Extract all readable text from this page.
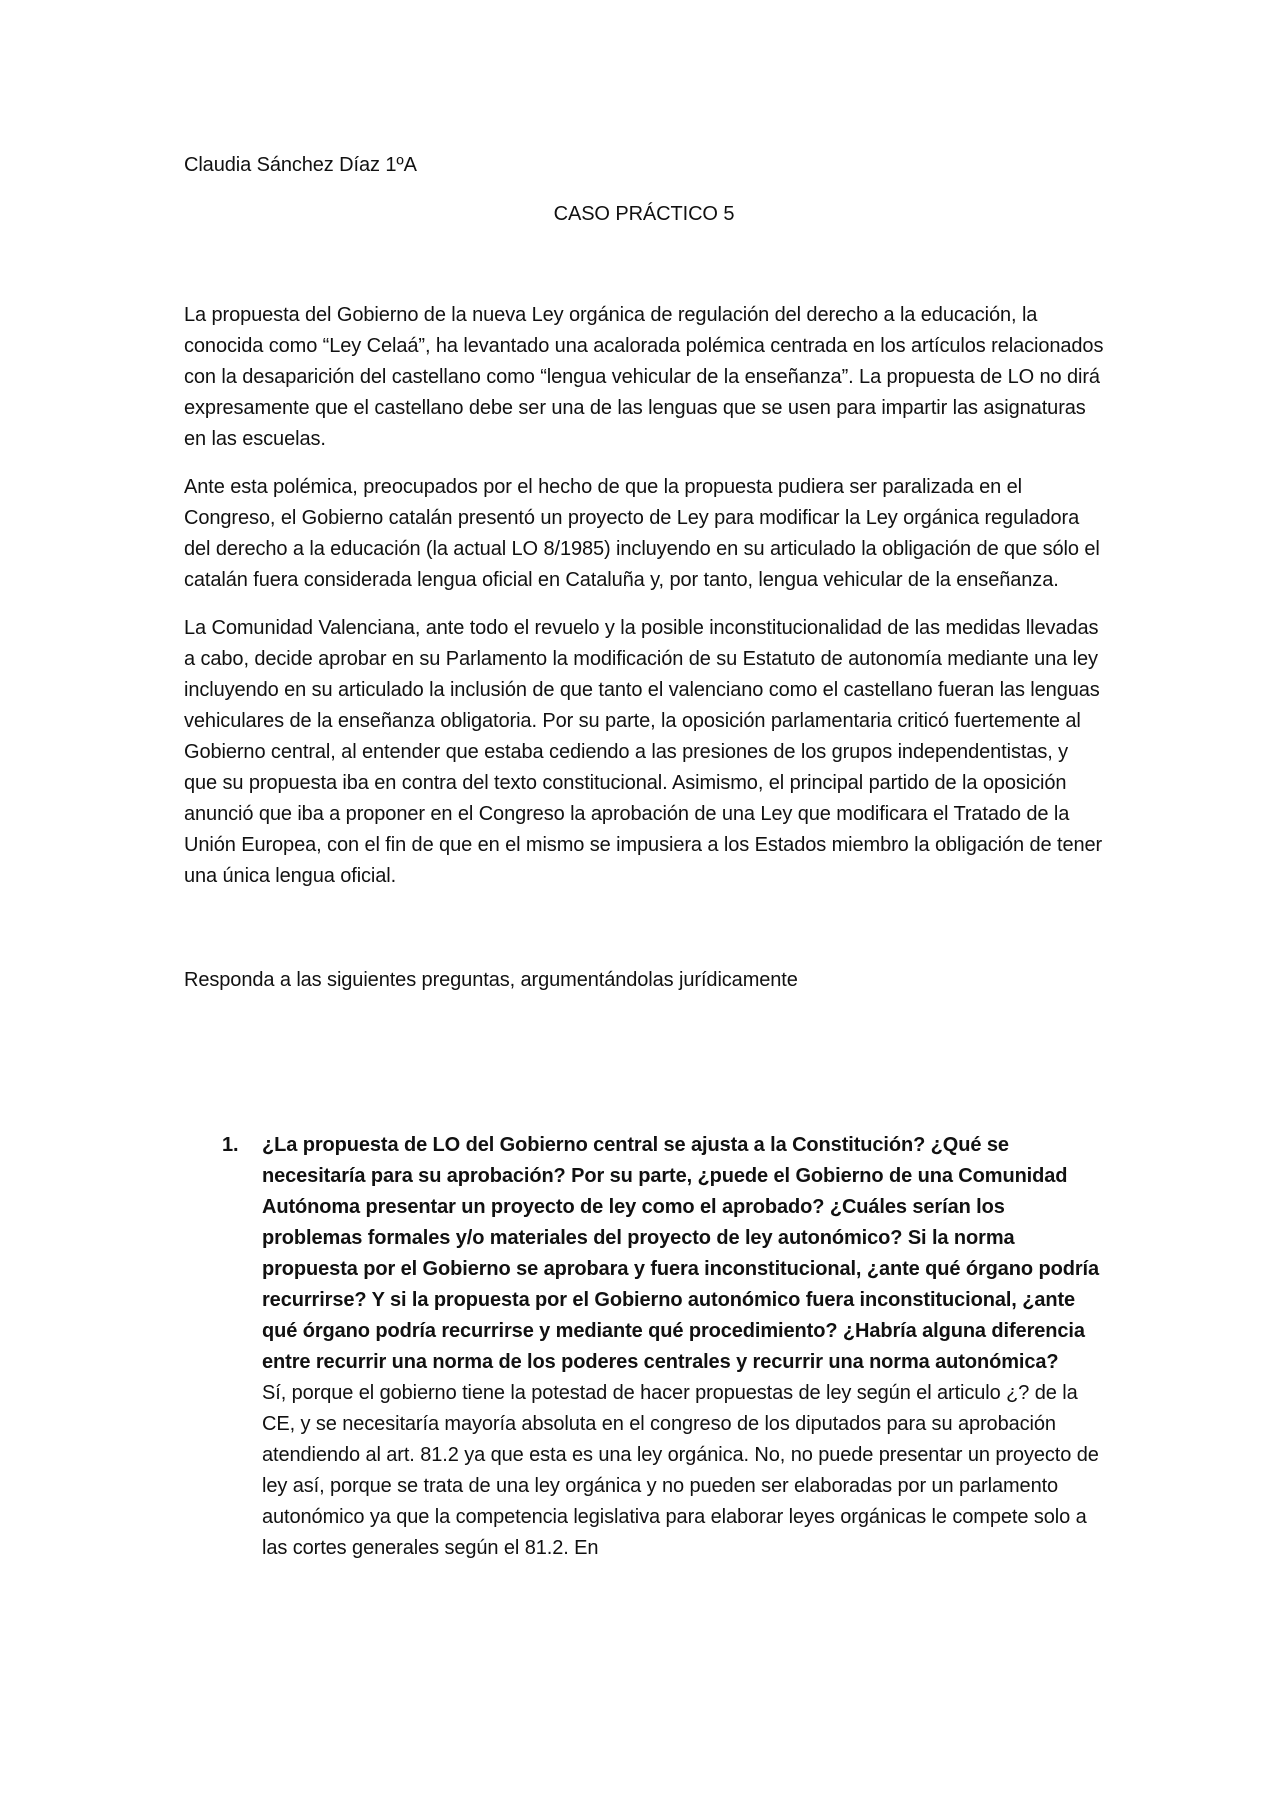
Claudia Sánchez Díaz 1ºA

CASO PRÁCTICO 5

La propuesta del Gobierno de la nueva Ley orgánica de regulación del derecho a la educación, la conocida como “Ley Celaá”, ha levantado una acalorada polémica centrada en los artículos relacionados con la desaparición del castellano como “lengua vehicular de la enseñanza”. La propuesta de LO no dirá expresamente que el castellano debe ser una de las lenguas que se usen para impartir las asignaturas en las escuelas.

Ante esta polémica, preocupados por el hecho de que la propuesta pudiera ser paralizada en el Congreso, el Gobierno catalán presentó un proyecto de Ley para modificar la Ley orgánica reguladora del derecho a la educación (la actual LO 8/1985) incluyendo en su articulado la obligación de que sólo el catalán fuera considerada lengua oficial en Cataluña y, por tanto, lengua vehicular de la enseñanza.

La Comunidad Valenciana, ante todo el revuelo y la posible inconstitucionalidad de las medidas llevadas a cabo, decide aprobar en su Parlamento la modificación de su Estatuto de autonomía mediante una ley incluyendo en su articulado la inclusión de que tanto el valenciano como el castellano fueran las lenguas vehiculares de la enseñanza obligatoria. Por su parte, la oposición parlamentaria criticó fuertemente al Gobierno central, al entender que estaba cediendo a las presiones de los grupos independentistas, y que su propuesta iba en contra del texto constitucional. Asimismo, el principal partido de la oposición anunció que iba a proponer en el Congreso la aprobación de una Ley que modificara el Tratado de la Unión Europea, con el fin de que en el mismo se impusiera a los Estados miembro la obligación de tener una única lengua oficial.

Responda a las siguientes preguntas, argumentándolas jurídicamente

1. ¿La propuesta de LO del Gobierno central se ajusta a la Constitución? ¿Qué se necesitaría para su aprobación? Por su parte, ¿puede el Gobierno de una Comunidad Autónoma presentar un proyecto de ley como el aprobado? ¿Cuáles serían los problemas formales y/o materiales del proyecto de ley autonómico? Si la norma propuesta por el Gobierno se aprobara y fuera inconstitucional, ¿ante qué órgano podría recurrirse? Y si la propuesta por el Gobierno autonómico fuera inconstitucional, ¿ante qué órgano podría recurrirse y mediante qué procedimiento? ¿Habría alguna diferencia entre recurrir una norma de los poderes centrales y recurrir una norma autonómica?

Sí, porque el gobierno tiene la potestad de hacer propuestas de ley según el articulo ¿? de la CE, y se necesitaría mayoría absoluta en el congreso de los diputados para su aprobación atendiendo al art. 81.2 ya que esta es una ley orgánica. No, no puede presentar un proyecto de ley así, porque se trata de una ley orgánica y no pueden ser elaboradas por un parlamento autonómico ya que la competencia legislativa para elaborar leyes orgánicas le compete solo a las cortes generales según el 81.2. En
